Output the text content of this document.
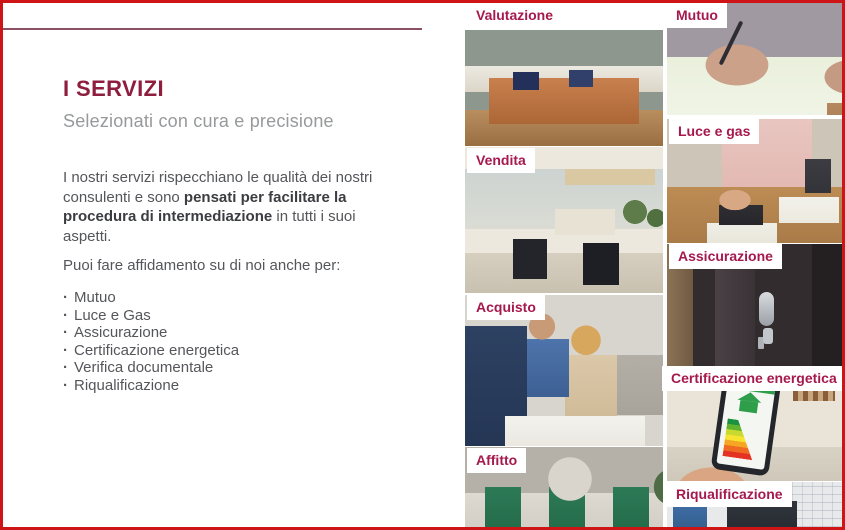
I SERVIZI
Selezionati con cura e precisione
I nostri servizi rispecchiano le qualità dei nostri consulenti e sono pensati per facilitare la procedura di intermediazione in tutti i suoi aspetti.
Puoi fare affidamento su di noi anche per:
· Mutuo
· Luce e Gas
· Assicurazione
· Certificazione energetica
· Verifica documentale
· Riqualificazione
Valutazione
Vendita
Acquisto
Affitto
Mutuo
Luce e gas
Assicurazione
Certificazione energetica
Riqualificazione
